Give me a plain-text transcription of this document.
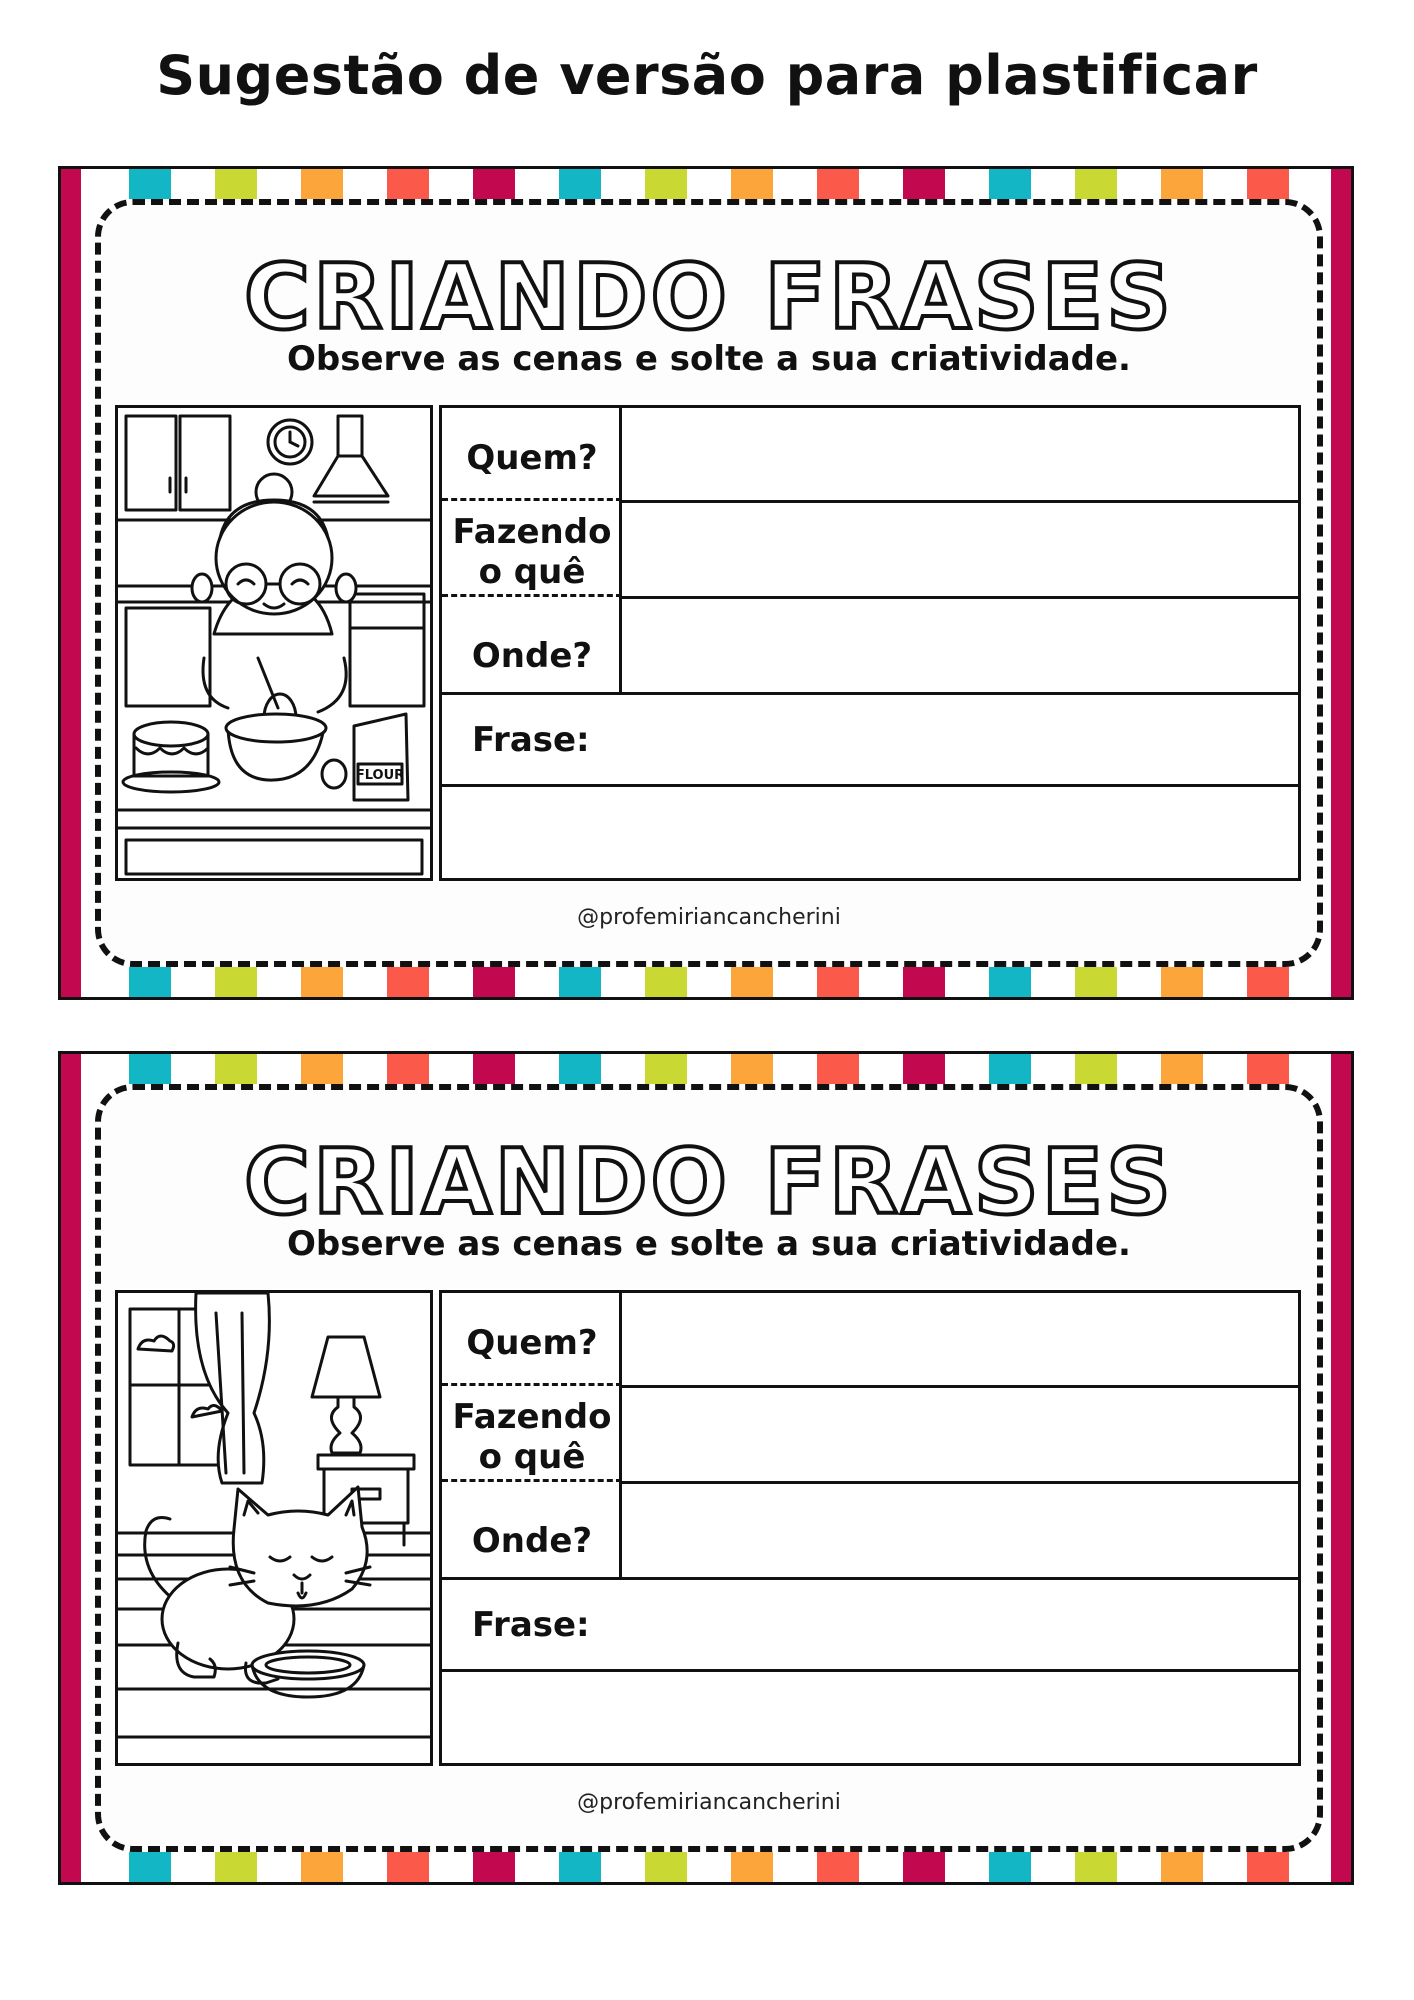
Sugestão de versão para plastificar
CRIANDO FRASES
Observe as cenas e solte a sua criatividade.
FLOUR
Quem?
Fazendo o quê
Onde?
Frase:
@profemiriancancherini
CRIANDO FRASES
Observe as cenas e solte a sua criatividade.
Quem?
Fazendo o quê
Onde?
Frase:
@profemiriancancherini
